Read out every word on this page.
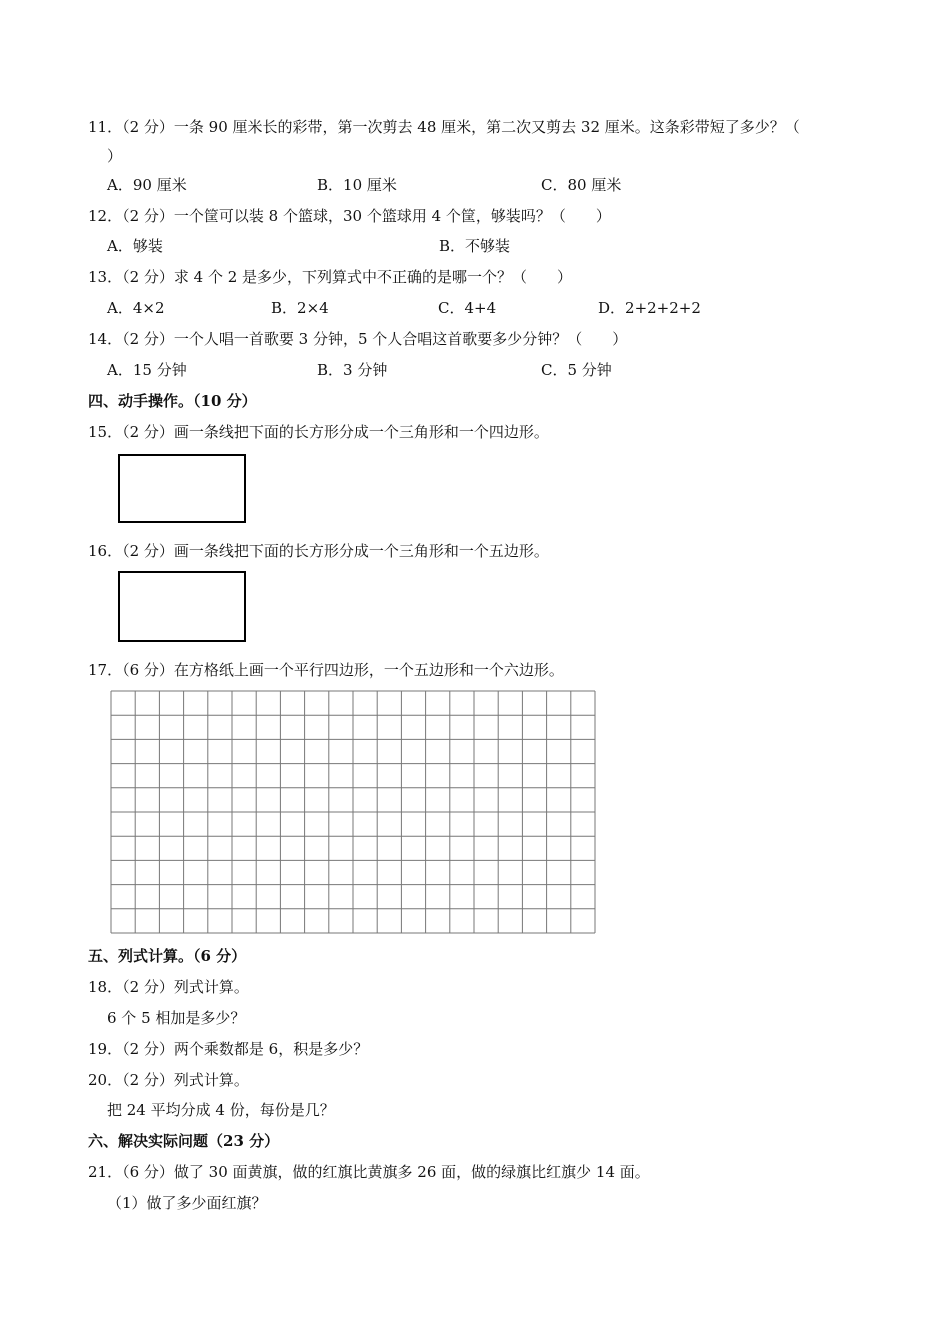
11．（2 分）一条 90 厘米长的彩带，第一次剪去 48 厘米，第二次又剪去 32 厘米。这条彩带短了多少？（
）
A．90 厘米	B．10 厘米	C．80 厘米
12．（2 分）一个筐可以装 8 个篮球，30 个篮球用 4 个筐，够装吗？（　　）
A．够装	B．不够装
13．（2 分）求 4 个 2 是多少，下列算式中不正确的是哪一个？（　　）
A．4×2	B．2×4	C．4+4	D．2+2+2+2
14．（2 分）一个人唱一首歌要 3 分钟，5 个人合唱这首歌要多少分钟？（　　）
A．15 分钟	B．3 分钟	C．5 分钟
四、动手操作。（10 分）
15．（2 分）画一条线把下面的长方形分成一个三角形和一个四边形。
16．（2 分）画一条线把下面的长方形分成一个三角形和一个五边形。
17．（6 分）在方格纸上画一个平行四边形，一个五边形和一个六边形。
五、列式计算。（6 分）
18．（2 分）列式计算。
6 个 5 相加是多少？
19．（2 分）两个乘数都是 6，积是多少？
20．（2 分）列式计算。
把 24 平均分成 4 份，每份是几？
六、解决实际问题（23 分）
21．（6 分）做了 30 面黄旗，做的红旗比黄旗多 26 面，做的绿旗比红旗少 14 面。
（1）做了多少面红旗？
